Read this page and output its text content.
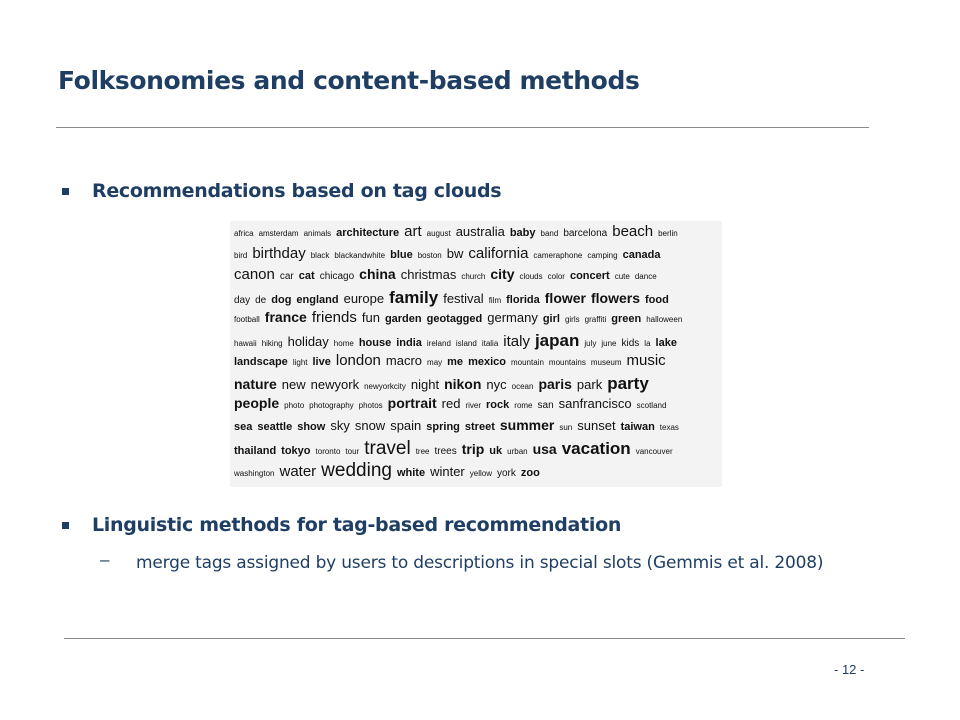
Folksonomies and content-based methods
Recommendations based on tag clouds
africa amsterdam animals architecture art august australia baby band barcelona beach berlin
bird birthday black blackandwhite blue boston bw california cameraphone camping canada
canon car cat chicago china christmas church city clouds color concert cute dance
day de dog england europe family festival film florida flower flowers food
football france friends fun garden geotagged germany girl girls graffiti green halloween
hawaii hiking holiday home house india ireland island italia italy japan july june kids la lake
landscape light live london macro may me mexico mountain mountains museum music
nature new newyork newyorkcity night nikon nyc ocean paris park party
people photo photography photos portrait red river rock rome san sanfrancisco scotland
sea seattle show sky snow spain spring street summer sun sunset taiwan texas
thailand tokyo toronto tour travel tree trees trip uk urban usa vacation vancouver
washington water wedding white winter yellow york zoo
Linguistic methods for tag-based recommendation
–	merge tags assigned by users to descriptions in special slots (Gemmis et al. 2008)
- 12 -
